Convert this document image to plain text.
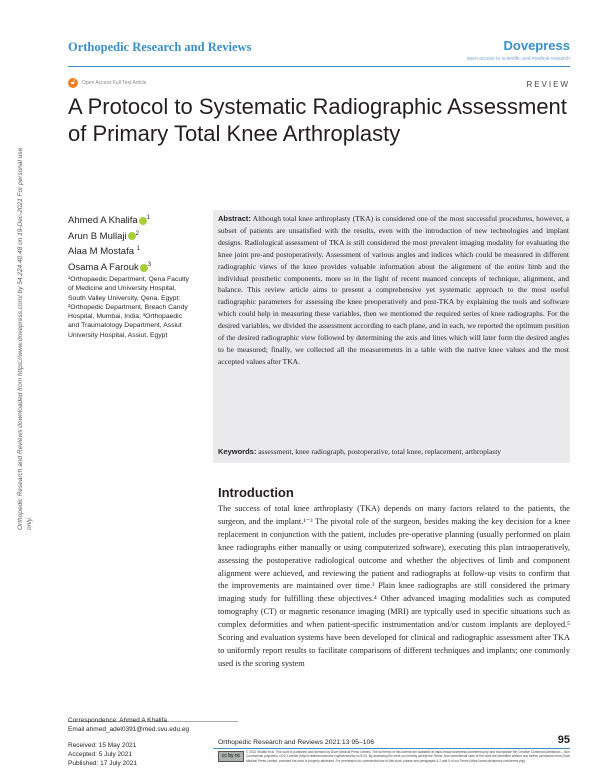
Orthopedic Research and Reviews	Dovepress
open access to scientific and medical research
🔓︎	Open Access Full Text Article	REVIEW
A Protocol to Systematic Radiographic Assessment of Primary Total Knee Arthroplasty
Orthopedic Research and Reviews downloaded from https://www.dovepress.com/ by 54.224.40.48 on 19-Dec-2021 For personal use only.
Ahmed A Khalifa $^1$
Arun B Mullaji $^2$
Alaa M Mostafa $^1$
Osama A Farouk $^3$
¹Orthopaedic Department, Qena Faculty of Medicine and University Hospital, South Valley University, Qena, Egypt; ²Orthopedic Department, Breach Candy Hospital, Mumbai, India; ³Orthopaedic and Traumatology Department, Assiut University Hospital, Assiut, Egypt
Abstract: Although total knee arthroplasty (TKA) is considered one of the most successful procedures, however, a subset of patients are unsatisfied with the results, even with the introduction of new technologies and implant designs. Radiological assessment of TKA is still considered the most prevalent imaging modality for evaluating the knee joint pre-and postoperatively. Assessment of various angles and indices which could be measured in different radiographic views of the knee provides valuable information about the alignment of the entire limb and the individual prosthetic components, more so in the light of recent nuanced concepts of technique, alignment, and balance. This review article aims to present a comprehensive yet systematic approach to the most useful radiographic parameters for assessing the knee preoperatively and post-TKA by explaining the tools and software which could help in measuring these variables, then we mentioned the required series of knee radiographs. For the desired variables, we divided the assessment according to each plane, and in each, we reported the optimum position of the desired radiographic view followed by determining the axis and lines which will later form the desired angles to be measured; finally, we collected all the measurements in a table with the native knee values and the most accepted values after TKA.
Keywords: assessment, knee radiograph, postoperative, total knee, replacement, arthroplasty
Introduction
The success of total knee arthroplasty (TKA) depends on many factors related to the patients, the surgeon, and the implant.¹⁻³ The pivotal role of the surgeon, besides making the key decision for a knee replacement in conjunction with the patient, includes pre-operative planning (usually performed on plain knee radiographs either manually or using computerized software), executing this plan intraoperatively, assessing the postoperative radiological outcome and whether the objectives of limb and component alignment were achieved, and reviewing the patient and radiographs at follow-up visits to confirm that the improvements are maintained over time.³ Plain knee radiographs are still considered the primary imaging study for fulfilling these objectives.⁴ Other advanced imaging modalities such as computed tomography (CT) or magnetic resonance imaging (MRI) are typically used in specific situations such as complex deformities and when patient-specific instrumentation and/or custom implants are deployed.⁵ Scoring and evaluation systems have been developed for clinical and radiographic assessment after TKA to uniformly report results to facilitate comparisons of different techniques and implants; one commonly used is the scoring system
Correspondence: Ahmed A Khalifa
Email ahmed_adel0391@med.svu.edu.eg
Received: 15 May 2021
Accepted: 5 July 2021
Published: 17 July 2021
Orthopedic Research and Reviews 2021:13 95–106	95
cc by nc
© 2021 Khalifa et al. This work is published and licensed by Dove Medical Press Limited. The full terms of this license are available at https://www.dovepress.com/terms.php and incorporate the Creative Commons Attribution – Non Commercial (unported, v3.0) License (http://creativecommons.org/licenses/by-nc/3.0/). By accessing the work you hereby accept the Terms. Non-commercial uses of the work are permitted without any further permission from Dove Medical Press Limited, provided the work is properly attributed. For permission for commercial use of this work, please see paragraphs 4.2 and 5 of our Terms (https://www.dovepress.com/terms.php).
